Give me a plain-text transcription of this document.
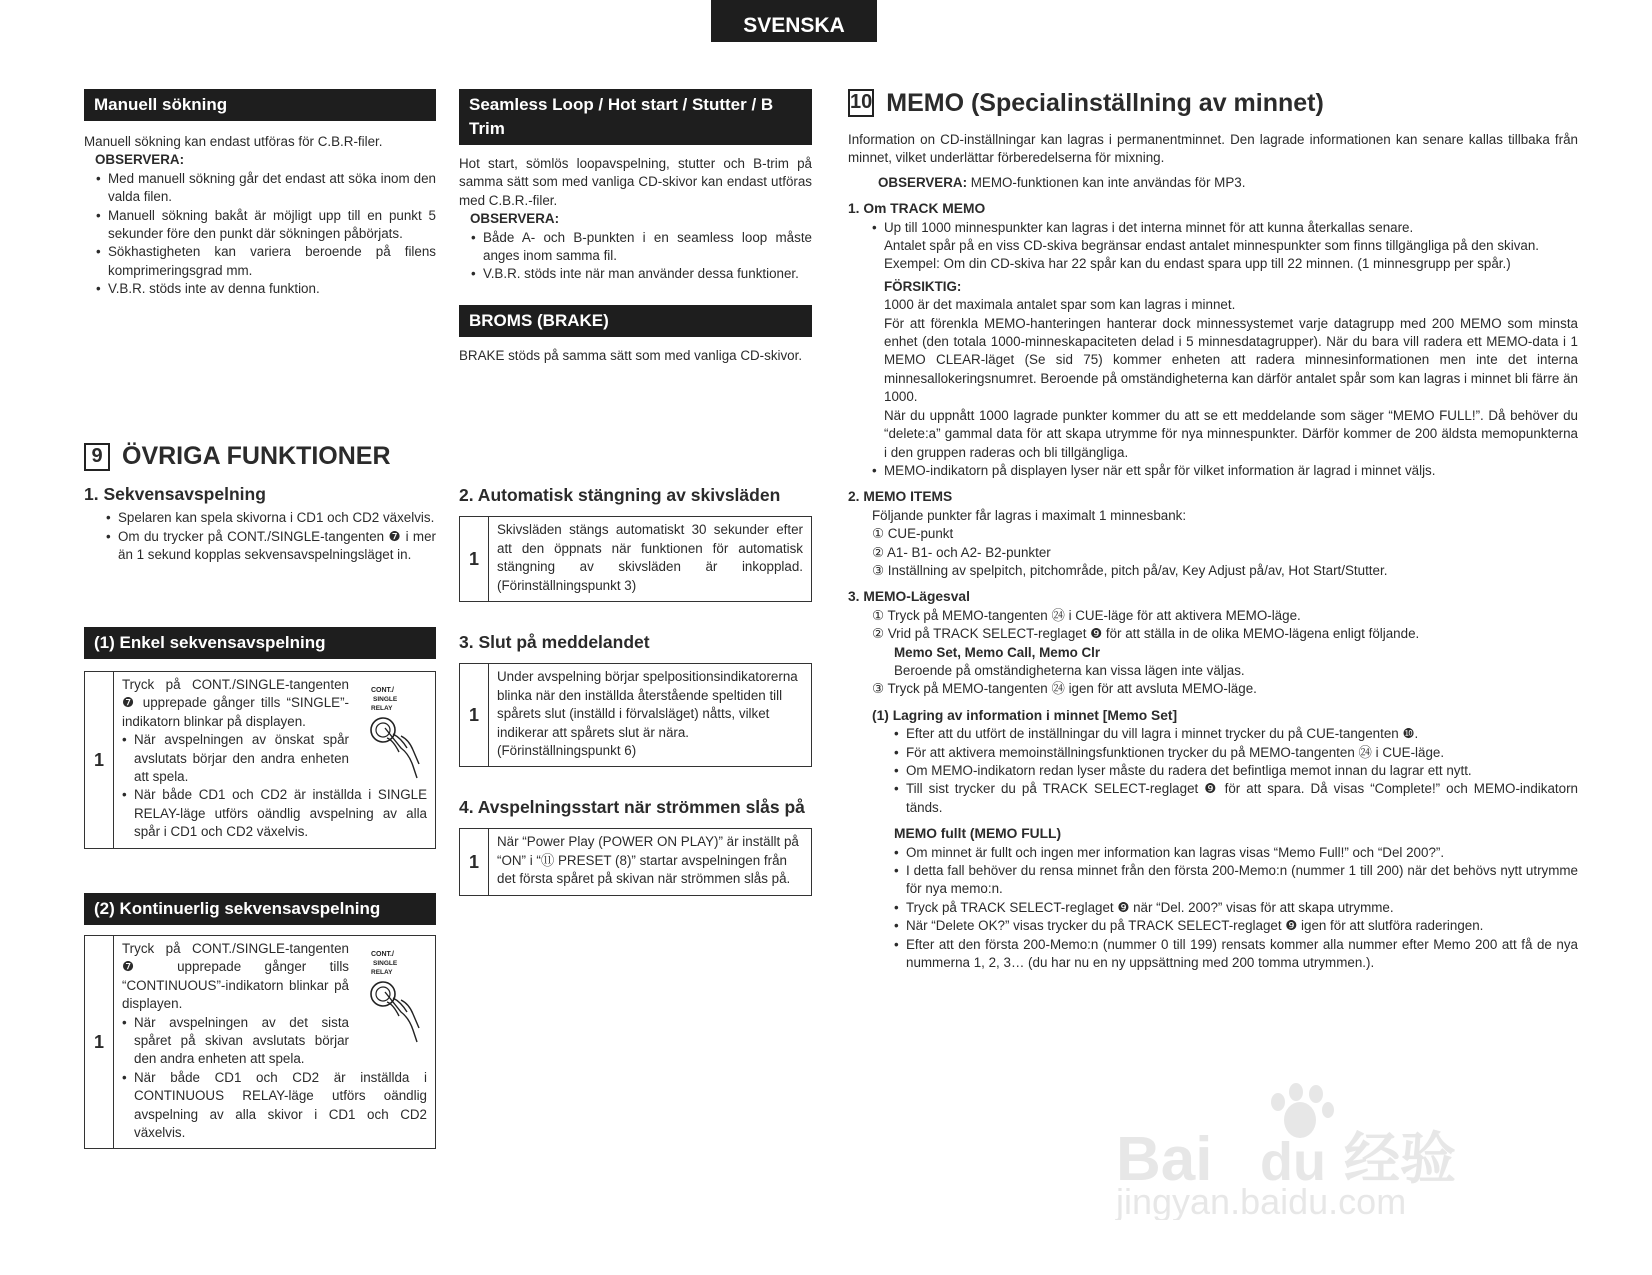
SVENSKA
Manuell sökning
Manuell sökning kan endast utföras för C.B.R-filer.
OBSERVERA:
• Med manuell sökning går det endast att söka inom den valda filen.
• Manuell sökning bakåt är möjligt upp till en punkt 5 sekunder före den punkt där sökningen påbörjats.
• Sökhastigheten kan variera beroende på filens komprimeringsgrad mm.
• V.B.R. stöds inte av denna funktion.
Seamless Loop / Hot start / Stutter / B Trim
Hot start, sömlös loopavspelning, stutter och B-trim på samma sätt som med vanliga CD-skivor kan endast utföras med C.B.R.-filer.
OBSERVERA:
• Både A- och B-punkten i en seamless loop måste anges inom samma fil.
• V.B.R. stöds inte när man använder dessa funktioner.
BROMS (BRAKE)
BRAKE stöds på samma sätt som med vanliga CD-skivor.
9 ÖVRIGA FUNKTIONER
1. Sekvensavspelning
• Spelaren kan spela skivorna i CD1 och CD2 växelvis.
• Om du trycker på CONT./SINGLE-tangenten ❼ i mer än 1 sekund kopplas sekvensavspelningsläget in.
(1) Enkel sekvensavspelning
1
CONT./
SINGLE
RELAY
Tryck på CONT./SINGLE-tangenten ❼ upprepade gånger tills “SINGLE”-indikatorn blinkar på displayen.
• När avspelningen av önskat spår avslutats börjar den andra enheten att spela.
• När både CD1 och CD2 är inställda i SINGLE RELAY-läge utförs oändlig avspelning av alla spår i CD1 och CD2 växelvis.
(2) Kontinuerlig sekvensavspelning
1
CONT./
SINGLE
RELAY
Tryck på CONT./SINGLE-tangenten ❼ upprepade gånger tills “CONTINUOUS”-indikatorn blinkar på displayen.
• När avspelningen av det sista spåret på skivan avslutats börjar den andra enheten att spela.
• När både CD1 och CD2 är inställda i CONTINUOUS RELAY-läge utförs oändlig avspelning av alla skivor i CD1 och CD2 växelvis.
2. Automatisk stängning av skivsläden
1
Skivsläden stängs automatiskt 30 sekunder efter att den öppnats när funktionen för automatisk stängning av skivsläden är inkopplad. (Förinställningspunkt 3)
3. Slut på meddelandet
1
Under avspelning börjar spelpositionsindikatorerna blinka när den inställda återstående speltiden till spårets slut (inställd i förvalsläget) nåtts, vilket indikerar att spårets slut är nära. (Förinställningspunkt 6)
4. Avspelningsstart när strömmen slås på
1
När “Power Play (POWER ON PLAY)” är inställt på “ON” i “⑪ PRESET (8)” startar avspelningen från det första spåret på skivan när strömmen slås på.
10 MEMO (Specialinställning av minnet)
Information on CD-inställningar kan lagras i permanentminnet. Den lagrade informationen kan senare kallas tillbaka från minnet, vilket underlättar förberedelserna för mixning.
OBSERVERA: MEMO-funktionen kan inte användas för MP3.
1. Om TRACK MEMO
• Up till 1000 minnespunkter kan lagras i det interna minnet för att kunna återkallas senare.
Antalet spår på en viss CD-skiva begränsar endast antalet minnespunkter som finns tillgängliga på den skivan.
Exempel: Om din CD-skiva har 22 spår kan du endast spara upp till 22 minnen. (1 minnesgrupp per spår.)
FÖRSIKTIG:
1000 är det maximala antalet spar som kan lagras i minnet.
För att förenkla MEMO-hanteringen hanterar dock minnessystemet varje datagrupp med 200 MEMO som minsta enhet (den totala 1000-minneskapaciteten delad i 5 minnesdatagrupper). När du bara vill radera ett MEMO-data i 1 MEMO CLEAR-läget (Se sid 75) kommer enheten att radera minnesinformationen men inte det interna minnesallokeringsnumret. Beroende på omständigheterna kan därför antalet spår som kan lagras i minnet bli färre än 1000.
När du uppnått 1000 lagrade punkter kommer du att se ett meddelande som säger “MEMO FULL!”. Då behöver du “delete:a” gammal data för att skapa utrymme för nya minnespunkter. Därför kommer de 200 äldsta memopunkterna i den gruppen raderas och bli tillgängliga.
• MEMO-indikatorn på displayen lyser när ett spår för vilket information är lagrad i minnet väljs.
2. MEMO ITEMS
Följande punkter får lagras i maximalt 1 minnesbank:
① CUE-punkt
② A1- B1- och A2- B2-punkter
③ Inställning av spelpitch, pitchområde, pitch på/av, Key Adjust på/av, Hot Start/Stutter.
3. MEMO-Lägesval
① Tryck på MEMO-tangenten ㉔ i CUE-läge för att aktivera MEMO-läge.
② Vrid på TRACK SELECT-reglaget ❾ för att ställa in de olika MEMO-lägena enligt följande.
Memo Set, Memo Call, Memo Clr
Beroende på omständigheterna kan vissa lägen inte väljas.
③ Tryck på MEMO-tangenten ㉔ igen för att avsluta MEMO-läge.
(1) Lagring av information i minnet [Memo Set]
• Efter att du utfört de inställningar du vill lagra i minnet trycker du på CUE-tangenten ❿.
• För att aktivera memoinställningsfunktionen trycker du på MEMO-tangenten ㉔ i CUE-läge.
• Om MEMO-indikatorn redan lyser måste du radera det befintliga memot innan du lagrar ett nytt.
• Till sist trycker du på TRACK SELECT-reglaget ❾ för att spara. Då visas “Complete!” och MEMO-indikatorn tänds.
MEMO fullt (MEMO FULL)
• Om minnet är fullt och ingen mer information kan lagras visas “Memo Full!” och “Del 200?”.
• I detta fall behöver du rensa minnet från den första 200-Memo:n (nummer 1 till 200) när det behövs nytt utrymme för nya memo:n.
• Tryck på TRACK SELECT-reglaget ❾ när “Del. 200?” visas för att skapa utrymme.
• När “Delete OK?” visas trycker du på TRACK SELECT-reglaget ❾ igen för att slutföra raderingen.
• Efter att den första 200-Memo:n (nummer 0 till 199) rensats kommer alla nummer efter Memo 200 att få de nya nummerna 1, 2, 3… (du har nu en ny uppsättning med 200 tomma utrymmen.).
Bai du 经验
jingyan.baidu.com
